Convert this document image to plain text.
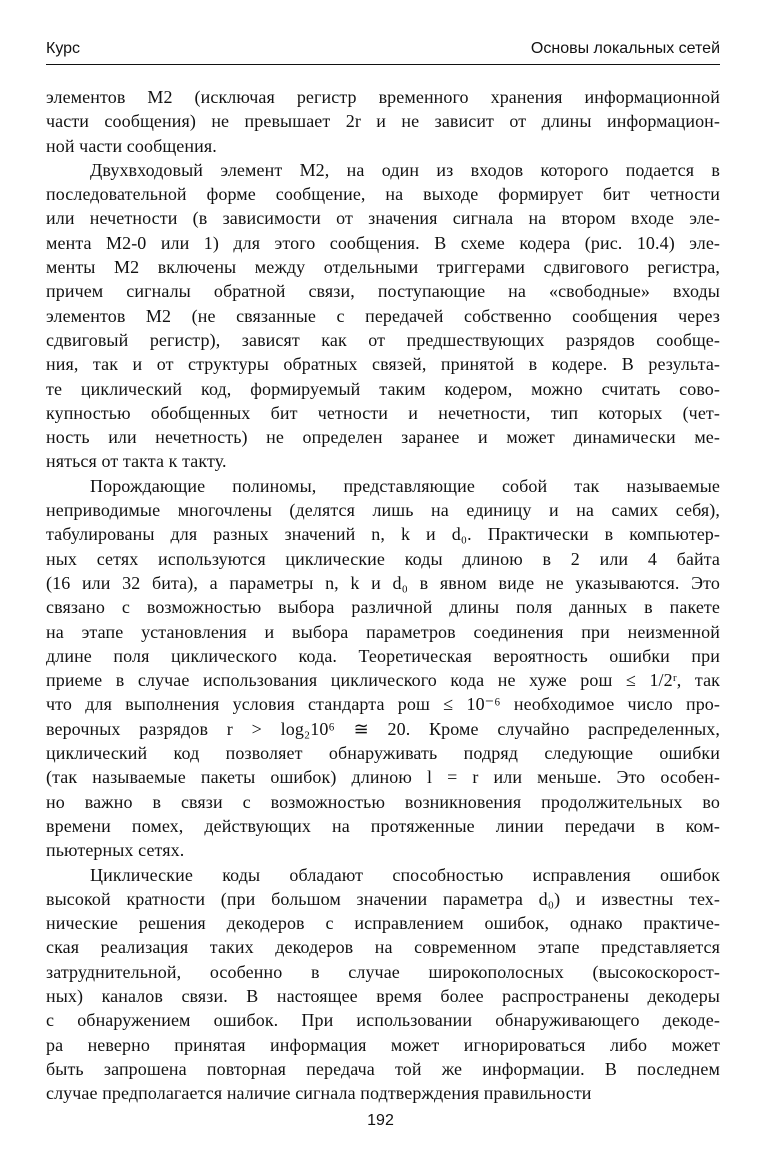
Курс	Основы локальных сетей
элементов М2 (исключая регистр временного хранения информационной
части сообщения) не превышает 2r и не зависит от длины информацион-
ной части сообщения.
Двухвходовый элемент М2, на один из входов которого подается в
последовательной форме сообщение, на выходе формирует бит четности
или нечетности (в зависимости от значения сигнала на втором входе эле-
мента М2-0 или 1) для этого сообщения. В схеме кодера (рис. 10.4) эле-
менты М2 включены между отдельными триггерами сдвигового регистра,
причем сигналы обратной связи, поступающие на «свободные» входы
элементов М2 (не связанные с передачей собственно сообщения через
сдвиговый регистр), зависят как от предшествующих разрядов сообще-
ния, так и от структуры обратных связей, принятой в кодере. В результа-
те циклический код, формируемый таким кодером, можно считать сово-
купностью обобщенных бит четности и нечетности, тип которых (чет-
ность или нечетность) не определен заранее и может динамически ме-
няться от такта к такту.
Порождающие полиномы, представляющие собой так называемые
неприводимые многочлены (делятся лишь на единицу и на самих себя),
табулированы для разных значений n, k и d₀. Практически в компьютер-
ных сетях используются циклические коды длиною в 2 или 4 байта
(16 или 32 бита), а параметры n, k и d₀ в явном виде не указываются. Это
связано с возможностью выбора различной длины поля данных в пакете
на этапе установления и выбора параметров соединения при неизменной
длине поля циклического кода. Теоретическая вероятность ошибки при
приеме в случае использования циклического кода не хуже pош ≤ 1/2ʳ, так
что для выполнения условия стандарта pош ≤ 10⁻⁶ необходимое число про-
верочных разрядов r > log₂10⁶ ≅ 20. Кроме случайно распределенных,
циклический код позволяет обнаруживать подряд следующие ошибки
(так называемые пакеты ошибок) длиною l = r или меньше. Это особен-
но важно в связи с возможностью возникновения продолжительных во
времени помех, действующих на протяженные линии передачи в ком-
пьютерных сетях.
Циклические коды обладают способностью исправления ошибок
высокой кратности (при большом значении параметра d₀) и известны тех-
нические решения декодеров с исправлением ошибок, однако практиче-
ская реализация таких декодеров на современном этапе представляется
затруднительной, особенно в случае широкополосных (высокоскорост-
ных) каналов связи. В настоящее время более распространены декодеры
с обнаружением ошибок. При использовании обнаруживающего декоде-
ра неверно принятая информация может игнорироваться либо может
быть запрошена повторная передача той же информации. В последнем
случае предполагается наличие сигнала подтверждения правильности
192
